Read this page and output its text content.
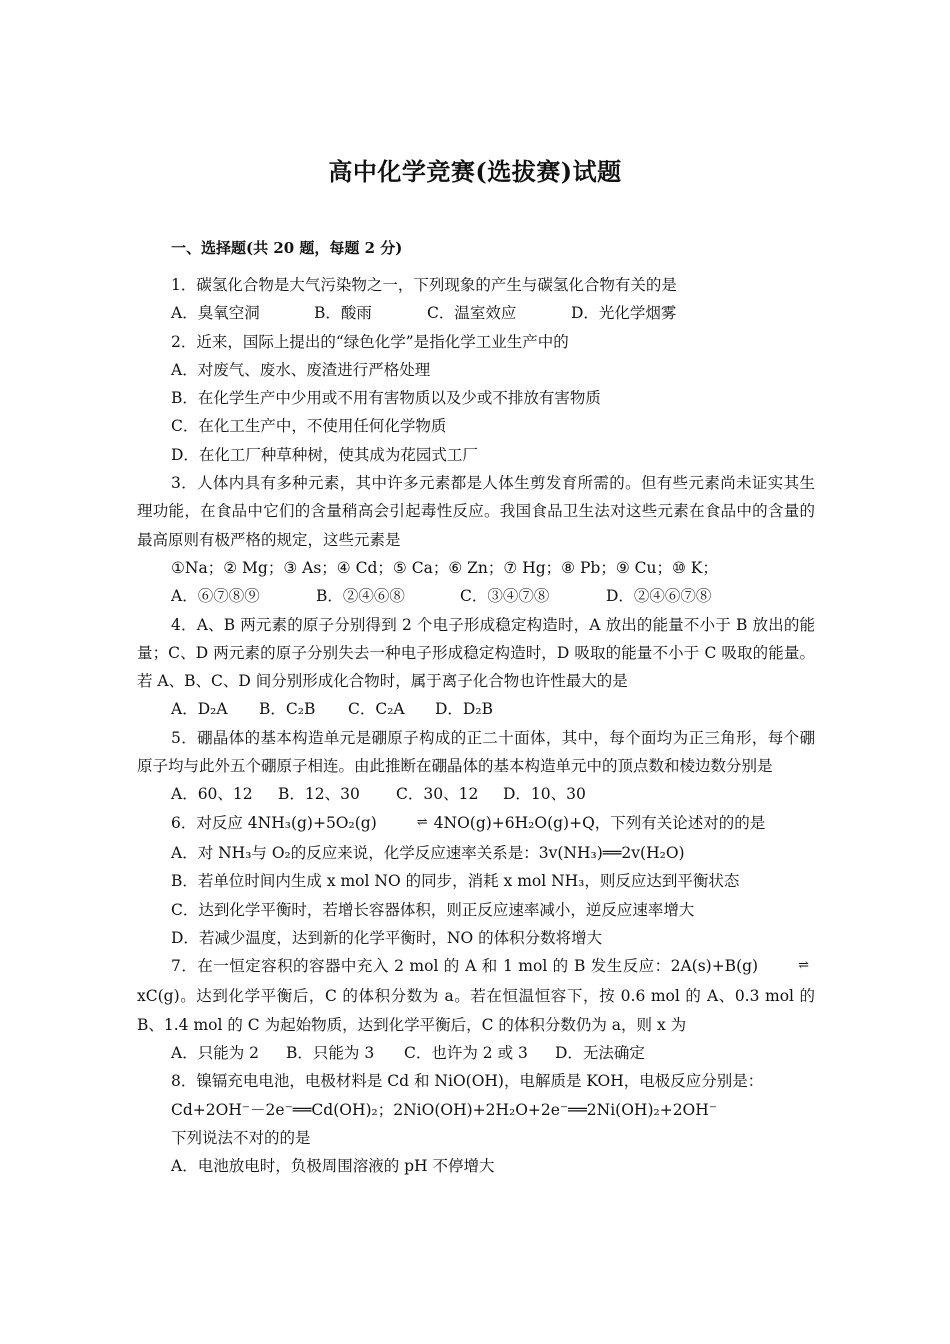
高中化学竞赛(选拔赛)试题
一、选择题(共 20 题，每题 2 分)

1．碳氢化合物是大气污染物之一，下列现象的产生与碳氢化合物有关的是

A．臭氧空洞	B．酸雨	C．温室效应	D．光化学烟雾

2．近来，国际上提出的“绿色化学”是指化学工业生产中的

A．对废气、废水、废渣进行严格处理

B．在化学生产中少用或不用有害物质以及少或不排放有害物质

C．在化工生产中，不使用任何化学物质

D．在化工厂种草种树，使其成为花园式工厂

3．人体内具有多种元素，其中许多元素都是人体生剪发育所需的。但有些元素尚未证实其生理功能，在食品中它们的含量稍高会引起毒性反应。我国食品卫生法对这些元素在食品中的含量的最高原则有极严格的规定，这些元素是

①Na；② Mg；③ As；④ Cd；⑤ Ca；⑥ Zn；⑦ Hg；⑧ Pb；⑨ Cu；⑩ K；

A．⑥⑦⑧⑨	B．②④⑥⑧	C．③④⑦⑧	D．②④⑥⑦⑧

4．A、B 两元素的原子分别得到 2 个电子形成稳定构造时，A 放出的能量不小于 B 放出的能量；C、D 两元素的原子分别失去一种电子形成稳定构造时，D 吸取的能量不小于 C 吸取的能量。若 A、B、C、D 间分别形成化合物时，属于离子化合物也许性最大的是

A．D₂A	B．C₂B	C．C₂A	D．D₂B

5．硼晶体的基本构造单元是硼原子构成的正二十面体，其中，每个面均为正三角形，每个硼原子均与此外五个硼原子相连。由此推断在硼晶体的基本构造单元中的顶点数和棱边数分别是

A．60、12	B．12、30	C．30、12	D．10、30

6．对反应 4NH₃(g)+5O₂(g)	⇌ 4NO(g)+6H₂O(g)+Q，下列有关论述对的的是

A．对 NH₃与 O₂的反应来说，化学反应速率关系是：3v(NH₃)══2v(H₂O)

B．若单位时间内生成 x mol NO 的同步，消耗 x mol NH₃，则反应达到平衡状态

C．达到化学平衡时，若增长容器体积，则正反应速率减小，逆反应速率增大

D．若减少温度，达到新的化学平衡时，NO 的体积分数将增大

7．在一恒定容积的容器中充入 2 mol 的 A 和 1 mol 的 B 发生反应：2A(s)+B(g)	⇌xC(g)。达到化学平衡后，C 的体积分数为 a。若在恒温恒容下，按 0.6 mol 的 A、0.3 mol 的 B、1.4 mol 的 C 为起始物质，达到化学平衡后，C 的体积分数仍为 a，则 x 为

A．只能为 2	B．只能为 3	C．也许为 2 或 3	D．无法确定

8．镍镉充电电池，电极材料是 Cd 和 NiO(OH)，电解质是 KOH，电极反应分别是：

Cd+2OH⁻－2e⁻══Cd(OH)₂；2NiO(OH)+2H₂O+2e⁻══2Ni(OH)₂+2OH⁻

下列说法不对的的是

A．电池放电时，负极周围溶液的 pH 不停增大
